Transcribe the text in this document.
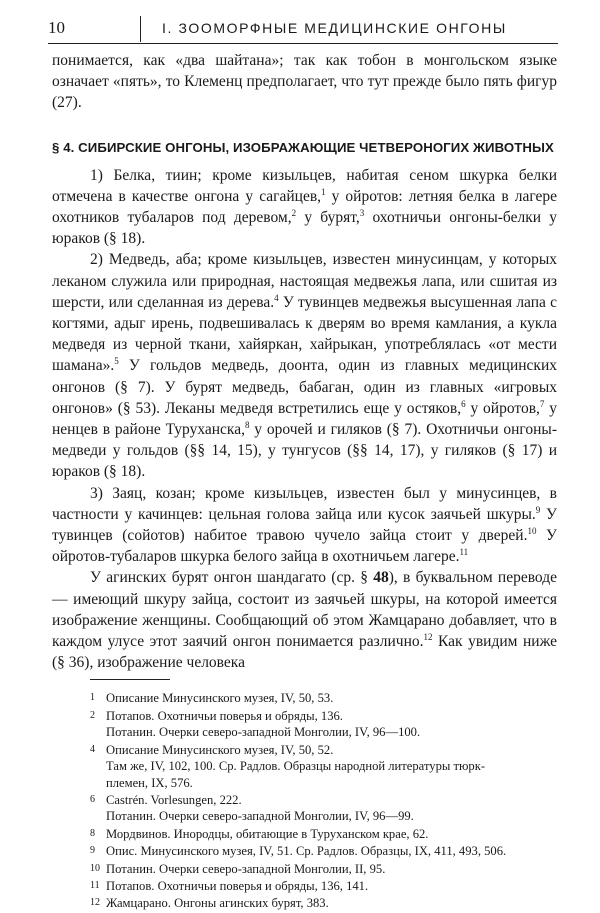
10	I. ЗООМОРФНЫЕ МЕДИЦИНСКИЕ ОНГОНЫ

понимается, как «два шайтана»; так как тобон в монгольском языке означает «пять», то Клеменц предполагает, что тут прежде было пять фигур (27).

§ 4. СИБИРСКИЕ ОНГОНЫ, ИЗОБРАЖАЮЩИЕ ЧЕТВЕРОНОГИХ ЖИВОТНЫХ

1) Белка, тиин; кроме кизыльцев, набитая сеном шкурка белки отмечена в качестве онгона у сагайцев,$^1$ у ойротов: летняя белка в лагере охотников тубаларов под деревом,$^2$ у бурят,$^3$ охотничьи онгоны-белки у юраков (§ 18).

2) Медведь, аба; кроме кизыльцев, известен минусинцам, у которых леканом служила или природная, настоящая медвежья лапа, или сшитая из шерсти, или сделанная из дерева.$^4$ У тувинцев медвежья высушенная лапа с когтями, адыг ирень, подвешивалась к дверям во время камлания, а кукла медведя из черной ткани, хайяркан, хайрыкан, употреблялась «от мести шамана».$^5$ У гольдов медведь, доонта, один из главных медицинских онгонов (§ 7). У бурят медведь, бабаган, один из главных «игровых онгонов» (§ 53). Леканы медведя встретились еще у остяков,$^6$ у ойротов,$^7$ у ненцев в районе Туруханска,$^8$ у орочей и гиляков (§ 7). Охотничьи онгоны-медведи у гольдов (§§ 14, 15), у тунгусов (§§ 14, 17), у гиляков (§ 17) и юраков (§ 18).

3) Заяц, козан; кроме кизыльцев, известен был у минусинцев, в частности у качинцев: цельная голова зайца или кусок заячьей шкуры.$^9$ У тувинцев (сойотов) набитое травою чучело зайца стоит у дверей.$^{10}$ У ойротов-тубаларов шкурка белого зайца в охотничьем лагере.$^{11}$

У агинских бурят онгон шандагато (ср. § 48), в буквальном переводе — имеющий шкуру зайца, состоит из заячьей шкуры, на которой имеется изображение женщины. Сообщающий об этом Жамцарано добавляет, что в каждом улусе этот заячий онгон понимается различно.$^{12}$ Как увидим ниже (§ 36), изображение человека

1 Описание Минусинского музея, IV, 50, 53.
2 Потапов. Охотничьи поверья и обряды, 136.
Потанин. Очерки северо-западной Монголии, IV, 96—100.
4 Описание Минусинского музея, IV, 50, 52.
Там же, IV, 102, 100. Ср. Радлов. Образцы народной литературы тюрк-
племен, IX, 576.
6 Castrén. Vorlesungen, 222.
Потанин. Очерки северо-западной Монголии, IV, 96—99.
8 Мордвинов. Инородцы, обитающие в Туруханском крае, 62.
9 Опис. Минусинского музея, IV, 51. Ср. Радлов. Образцы, IX, 411, 493, 506.
10 Потанин. Очерки северо-западной Монголии, II, 95.
11 Потапов. Охотничьи поверья и обряды, 136, 141.
12 Жамцарано. Онгоны агинских бурят, 383.
